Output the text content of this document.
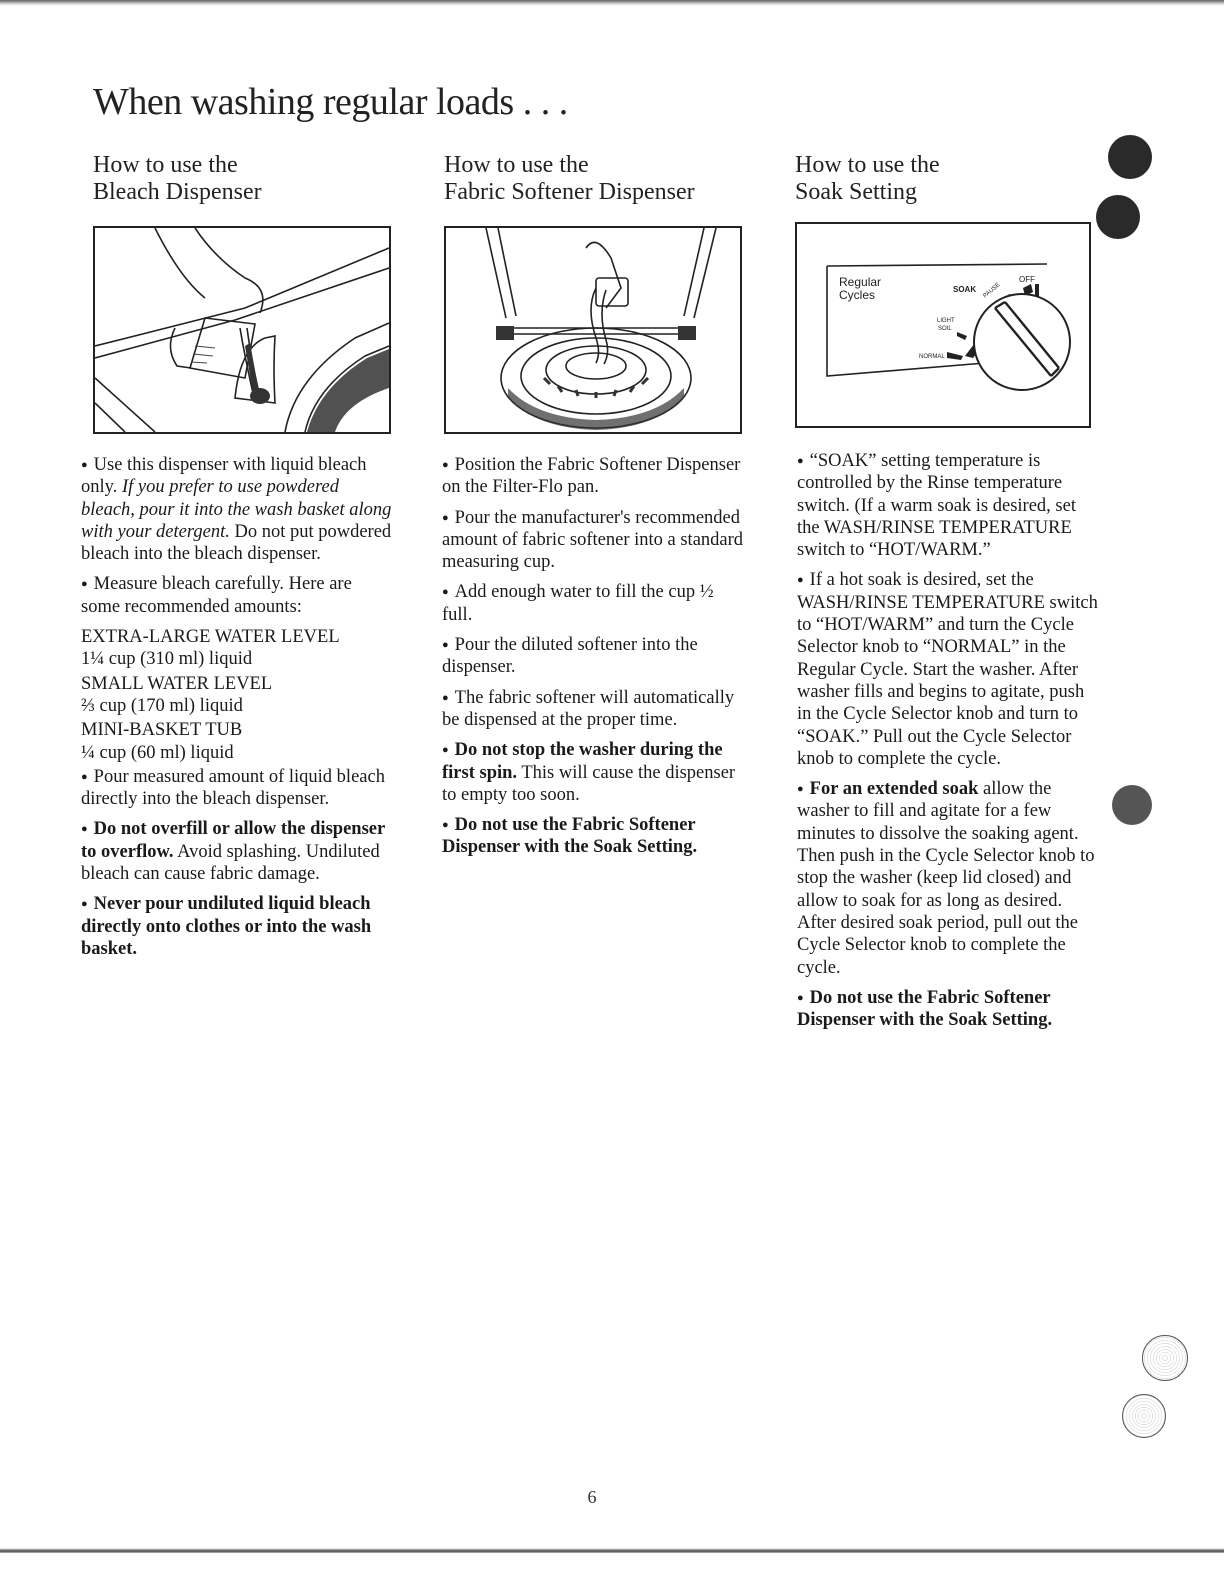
When washing regular loads . . .
How to use the
Bleach Dispenser

● Use this dispenser with liquid bleach only. If you prefer to use powdered bleach, pour it into the wash basket along with your detergent. Do not put powdered bleach into the bleach dispenser.

● Measure bleach carefully. Here are some recommended amounts:

EXTRA-LARGE WATER LEVEL
1¼ cup (310 ml) liquid

SMALL WATER LEVEL
⅔ cup (170 ml) liquid

MINI-BASKET TUB
¼ cup (60 ml) liquid

● Pour measured amount of liquid bleach directly into the bleach dispenser.

● Do not overfill or allow the dispenser to overflow. Avoid splashing. Undiluted bleach can cause fabric damage.

● Never pour undiluted liquid bleach directly onto clothes or into the wash basket.

How to use the
Fabric Softener Dispenser

● Position the Fabric Softener Dispenser on the Filter-Flo pan.

● Pour the manufacturer's recommended amount of fabric softener into a standard measuring cup.

● Add enough water to fill the cup ½ full.

● Pour the diluted softener into the dispenser.

● The fabric softener will automatically be dispensed at the proper time.

● Do not stop the washer during the first spin. This will cause the dispenser to empty too soon.

● Do not use the Fabric Softener Dispenser with the Soak Setting.

How to use the
Soak Setting
Regular
Cycles	SOAK
OFF
PAUSE
LIGHT
SOIL
NORMAL

● “SOAK” setting temperature is controlled by the Rinse temperature switch. (If a warm soak is desired, set the WASH/RINSE TEMPERATURE switch to “HOT/WARM.”

● If a hot soak is desired, set the WASH/RINSE TEMPERATURE switch to “HOT/WARM” and turn the Cycle Selector knob to “NORMAL” in the Regular Cycle. Start the washer. After washer fills and begins to agitate, push in the Cycle Selector knob and turn to “SOAK.” Pull out the Cycle Selector knob to complete the cycle.

● For an extended soak allow the washer to fill and agitate for a few minutes to dissolve the soaking agent. Then push in the Cycle Selector knob to stop the washer (keep lid closed) and allow to soak for as long as desired. After desired soak period, pull out the Cycle Selector knob to complete the cycle.

● Do not use the Fabric Softener Dispenser with the Soak Setting.

6
